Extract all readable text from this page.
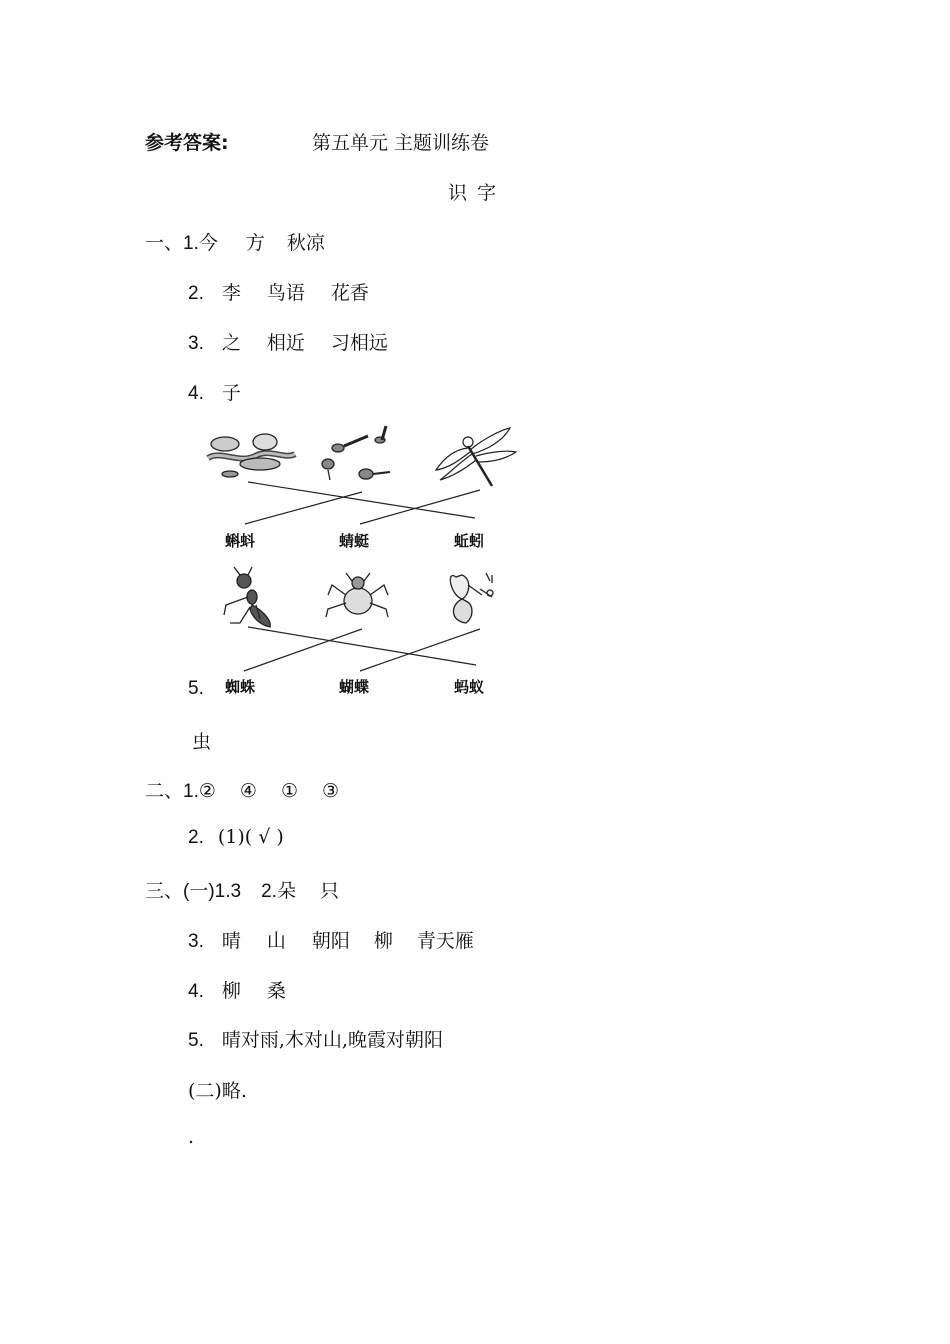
参考答案:	第五单元 主题训练卷
识 字
一、1.今 方 秋凉
2. 李 鸟语 花香
3. 之 相近 习相远
4. 子
蝌蚪	蜻蜓	蚯蚓
5. 蜘蛛	蝴蝶	蚂蚁
虫
二、1.② ④ ① ③
2. (1)( √ )
三、(一)1.3 2.朵 只
3. 晴 山 朝阳 柳 青天雁
4. 柳 桑
5. 晴对雨,木对山,晚霞对朝阳
(二)略.
.
